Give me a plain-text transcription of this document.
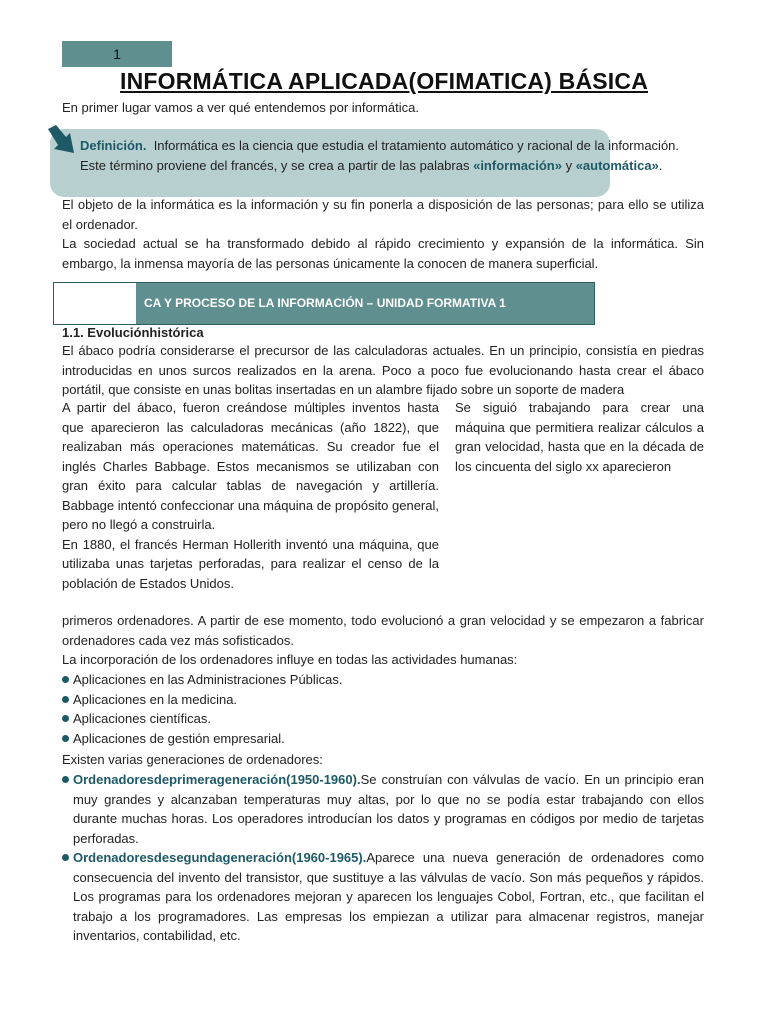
1
INFORMÁTICA APLICADA(OFIMATICA) BÁSICA

En primer lugar vamos a ver qué entendemos por informática.

Definición. Informática es la ciencia que estudia el tratamiento automático y racional de la información.
Este término proviene del francés, y se crea a partir de las palabras «información» y «automática».

El objeto de la informática es la información y su fin ponerla a disposición de las personas; para ello se utiliza el ordenador.

La sociedad actual se ha transformado debido al rápido crecimiento y expansión de la informática. Sin embargo, la inmensa mayoría de las personas únicamente la conocen de manera superficial.

CA Y PROCESO DE LA INFORMACIÓN – UNIDAD FORMATIVA 1
1.1. Evoluciónhistórica

El ábaco podría considerarse el precursor de las calculadoras actuales. En un principio, consistía en piedras introducidas en unos surcos realizados en la arena. Poco a poco fue evolucionando hasta crear el ábaco portátil, que consiste en unas bolitas insertadas en un alambre fijado sobre un soporte de madera

A partir del ábaco, fueron creándose múltiples inventos hasta que aparecieron las calculadoras mecánicas (año 1822), que realizaban más operaciones matemáticas. Su creador fue el inglés Charles Babbage. Estos mecanismos se utilizaban con gran éxito para calcular tablas de navegación y artillería. Babbage intentó confeccionar una máquina de propósito general, pero no llegó a construirla.

En 1880, el francés Herman Hollerith inventó una máquina, que utilizaba unas tarjetas perforadas, para realizar el censo de la población de Estados Unidos.

Se siguió trabajando para crear una máquina que permitiera realizar cálculos a gran velocidad, hasta que en la década de los cincuenta del siglo xx aparecieron

primeros ordenadores. A partir de ese momento, todo evolucionó a gran velocidad y se empezaron a fabricar ordenadores cada vez más sofisticados.

La incorporación de los ordenadores influye en todas las actividades humanas:

Aplicaciones en las Administraciones Públicas.
Aplicaciones en la medicina.
Aplicaciones científicas.
Aplicaciones de gestión empresarial.

Existen varias generaciones de ordenadores:

Ordenadoresdeprimerageneración(1950-1960).Se construían con válvulas de vacío. En un principio eran muy grandes y alcanzaban temperaturas muy altas, por lo que no se podía estar trabajando con ellos durante muchas horas. Los operadores introducían los datos y programas en códigos por medio de tarjetas perforadas.
Ordenadoresdesegundageneración(1960-1965).Aparece una nueva generación de ordenadores como consecuencia del invento del transistor, que sustituye a las válvulas de vacío. Son más pequeños y rápidos. Los programas para los ordenadores mejoran y aparecen los lenguajes Cobol, Fortran, etc., que facilitan el trabajo a los programadores. Las empresas los empiezan a utilizar para almacenar registros, manejar inventarios, contabilidad, etc.
